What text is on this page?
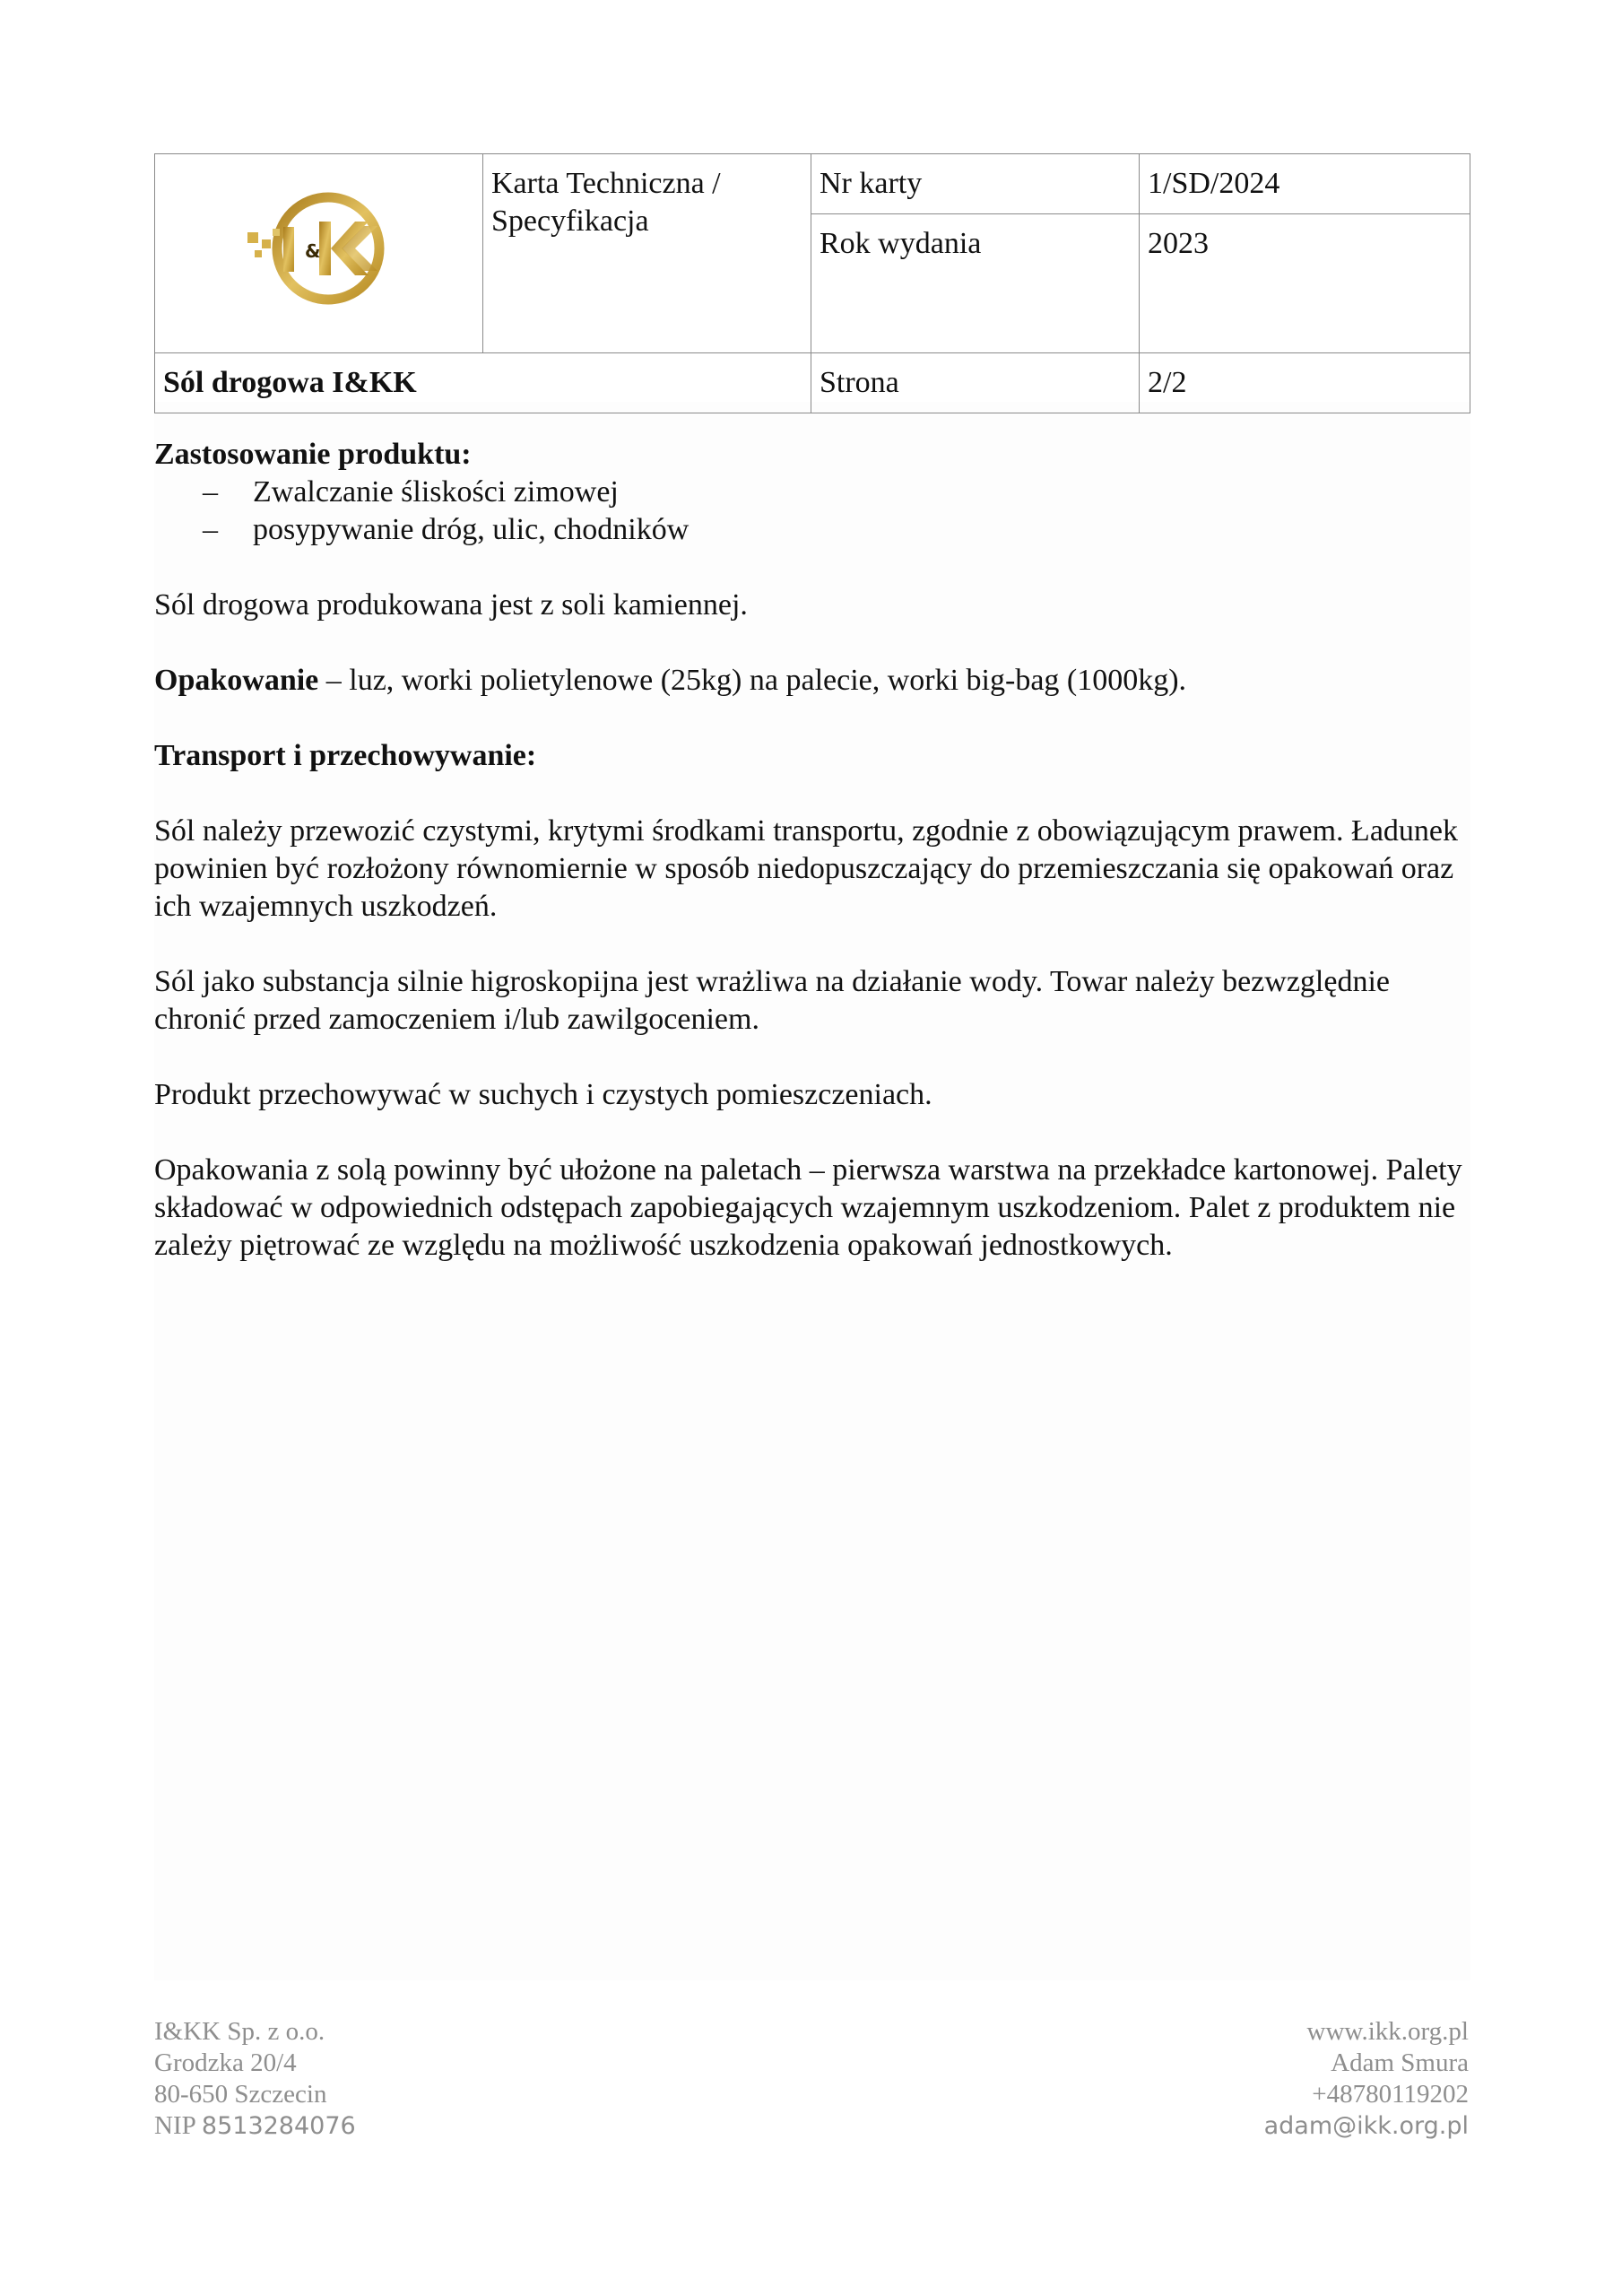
&	Karta Techniczna / Specyfikacja	Nr karty	1/SD/2024
		Rok wydania	2023
Sól drogowa I&KK		Strona	2/2

Zastosowanie produktu:

– Zwalczanie śliskości zimowej
– posypywanie dróg, ulic, chodników

Sól drogowa produkowana jest z soli kamiennej.

Opakowanie – luz, worki polietylenowe (25kg) na palecie, worki big-bag (1000kg).

Transport i przechowywanie:

Sól należy przewozić czystymi, krytymi środkami transportu, zgodnie z obowiązującym prawem. Ładunek powinien być rozłożony równomiernie w sposób niedopuszczający do przemieszczania się opakowań oraz ich wzajemnych uszkodzeń.

Sól jako substancja silnie higroskopijna jest wrażliwa na działanie wody. Towar należy bezwzględnie chronić przed zamoczeniem i/lub zawilgoceniem.

Produkt przechowywać w suchych i czystych pomieszczeniach.

Opakowania z solą powinny być ułożone na paletach – pierwsza warstwa na przekładce kartonowej. Palety składować w odpowiednich odstępach zapobiegających wzajemnym uszkodzeniom. Palet z produktem nie zależy piętrować ze względu na możliwość uszkodzenia opakowań jednostkowych.

I&KK Sp. z o.o.
Grodzka 20/4
80-650 Szczecin
NIP 8513284076
www.ikk.org.pl
Adam Smura
+48780119202
adam@ikk.org.pl
